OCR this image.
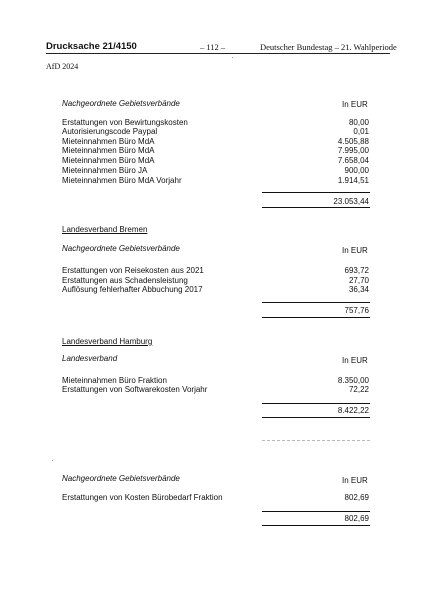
Drucksache 21/4150	– 112 –	Deutscher Bundestag – 21. Wahlperiode
AfD 2024
Nachgeordnete Gebietsverbände	In EUR
Erstattungen von Bewirtungskosten	80,00
Autorisierungscode Paypal	0,01
Mieteinnahmen Büro MdA	4.505,88
Mieteinnahmen Büro MdA	7.995,00
Mieteinnahmen Büro MdA	7.658,04
Mieteinnahmen Büro JA	900,00
Mieteinnahmen Büro MdA Vorjahr	1.914,51
23.053,44
Landesverband Bremen
Nachgeordnete Gebietsverbände	In EUR
Erstattungen von Reisekosten aus 2021	693,72
Erstattungen aus Schadensleistung	27,70
Auflösung fehlerhafter Abbuchung 2017	36,34
757,76
Landesverband Hamburg
Landesverband	In EUR
Mieteinnahmen Büro Fraktion	8.350,00
Erstattungen von Softwarekosten Vorjahr	72,22
8.422,22
Nachgeordnete Gebietsverbände	In EUR
Erstattungen von Kosten Bürobedarf Fraktion	802,69
802,69
